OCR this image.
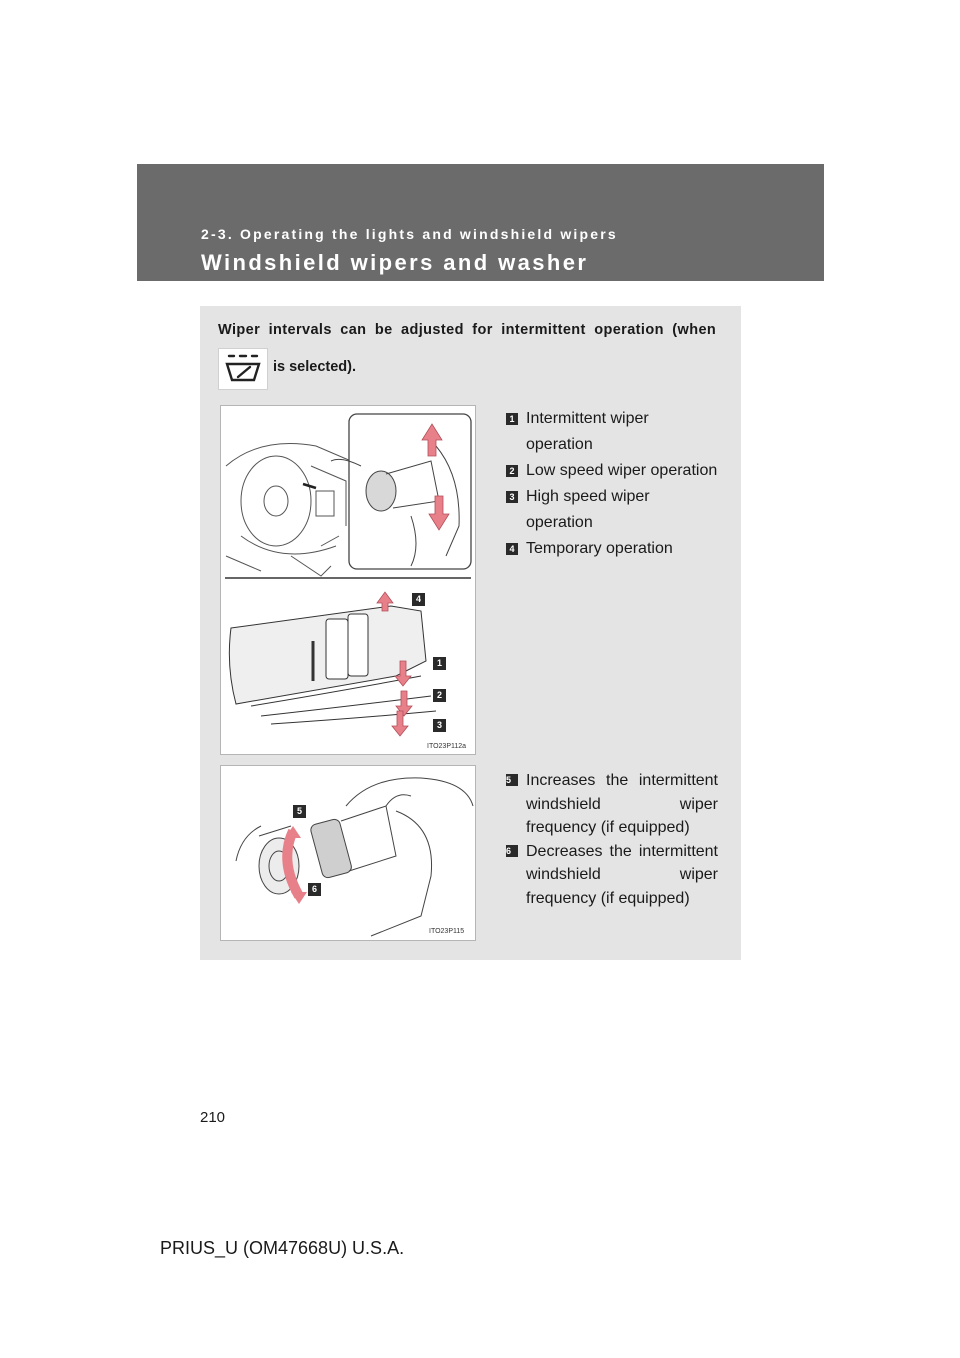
2-3. Operating the lights and windshield wipers
Windshield wipers and washer
Wiper intervals can be adjusted for intermittent operation (when
is selected).
ITO23P112a
4
1
2
3
1 Intermittent wiper operation
2 Low speed wiper operation
3 High speed wiper operation
4 Temporary operation
5
6
ITO23P115
5 Increases the intermittent windshield wiper frequency (if equipped)
6 Decreases the intermittent windshield wiper frequency (if equipped)
210
PRIUS_U (OM47668U) U.S.A.
